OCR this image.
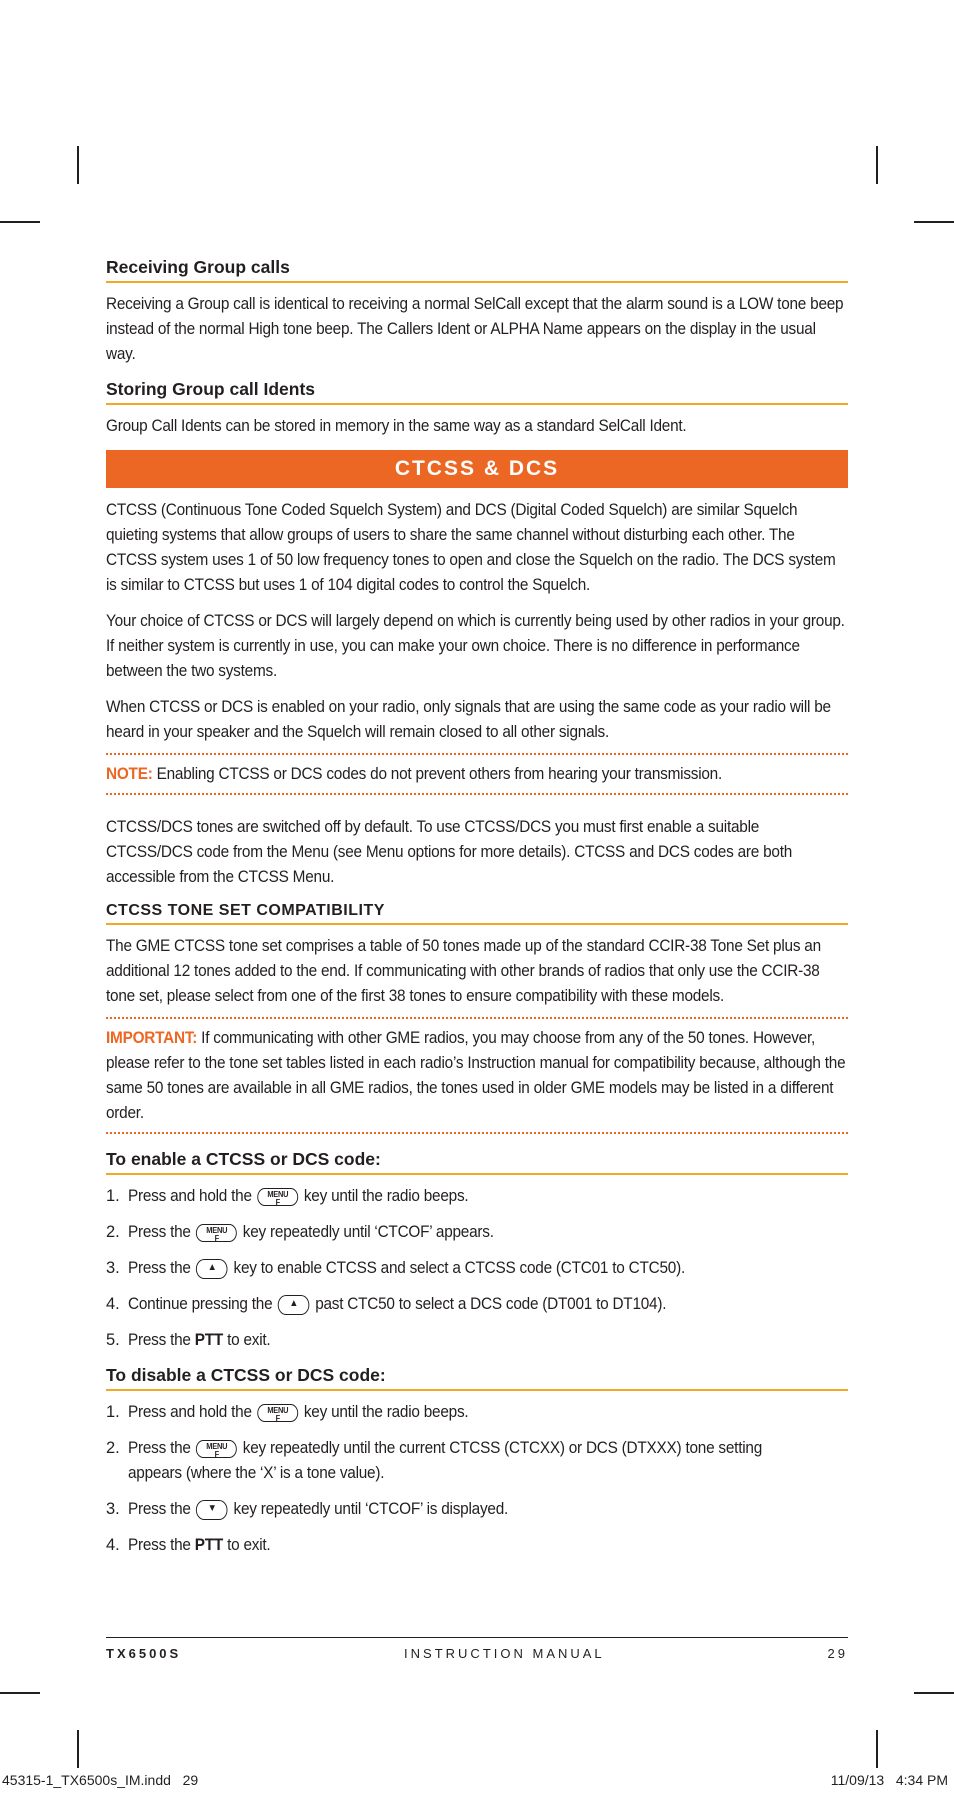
Receiving Group calls

Receiving a Group call is identical to receiving a normal SelCall except that the alarm sound is a LOW tone beep instead of the normal High tone beep. The Callers Ident or ALPHA Name appears on the display in the usual way.

Storing Group call Idents

Group Call Idents can be stored in memory in the same way as a standard SelCall Ident.

CTCSS & DCS

CTCSS (Continuous Tone Coded Squelch System) and DCS (Digital Coded Squelch) are similar Squelch quieting systems that allow groups of users to share the same channel without disturbing each other. The CTCSS system uses 1 of 50 low frequency tones to open and close the Squelch on the radio. The DCS system is similar to CTCSS but uses 1 of 104 digital codes to control the Squelch.

Your choice of CTCSS or DCS will largely depend on which is currently being used by other radios in your group. If neither system is currently in use, you can make your own choice. There is no difference in performance between the two systems.

When CTCSS or DCS is enabled on your radio, only signals that are using the same code as your radio will be heard in your speaker and the Squelch will remain closed to all other signals.

NOTE: Enabling CTCSS or DCS codes do not prevent others from hearing your transmission.

CTCSS/DCS tones are switched off by default. To use CTCSS/DCS you must first enable a suitable CTCSS/DCS code from the Menu (see Menu options for more details). CTCSS and DCS codes are both accessible from the CTCSS Menu.

CTCSS TONE SET COMPATIBILITY

The GME CTCSS tone set comprises a table of 50 tones made up of the standard CCIR-38 Tone Set plus an additional 12 tones added to the end. If communicating with other brands of radios that only use the CCIR-38 tone set, please select from one of the first 38 tones to ensure compatibility with these models.

IMPORTANT: If communicating with other GME radios, you may choose from any of the 50 tones. However, please refer to the tone set tables listed in each radio’s Instruction manual for compatibility because, although the same 50 tones are available in all GME radios, the tones used in older GME models may be listed in a different order.

To enable a CTCSS or DCS code:
1. Press and hold the MENU
F key until the radio beeps.
2. Press the MENU
F key repeatedly until ‘CTCOF’ appears.
3. Press the ▲ key to enable CTCSS and select a CTCSS code (CTC01 to CTC50).
4. Continue pressing the ▲ past CTC50 to select a DCS code (DT001 to DT104).
5. Press the PTT to exit.
To disable a CTCSS or DCS code:
1. Press and hold the MENU
F key until the radio beeps.
2. Press the MENU
F key repeatedly until the current CTCSS (CTCXX) or DCS (DTXXX) tone setting appears (where the ‘X’ is a tone value).
3. Press the ▼ key repeatedly until ‘CTCOF’ is displayed.
4. Press the PTT to exit.
TX6500S	INSTRUCTION MANUAL	29
45315-1_TX6500s_IM.indd   29	11/09/13   4:34 PM
